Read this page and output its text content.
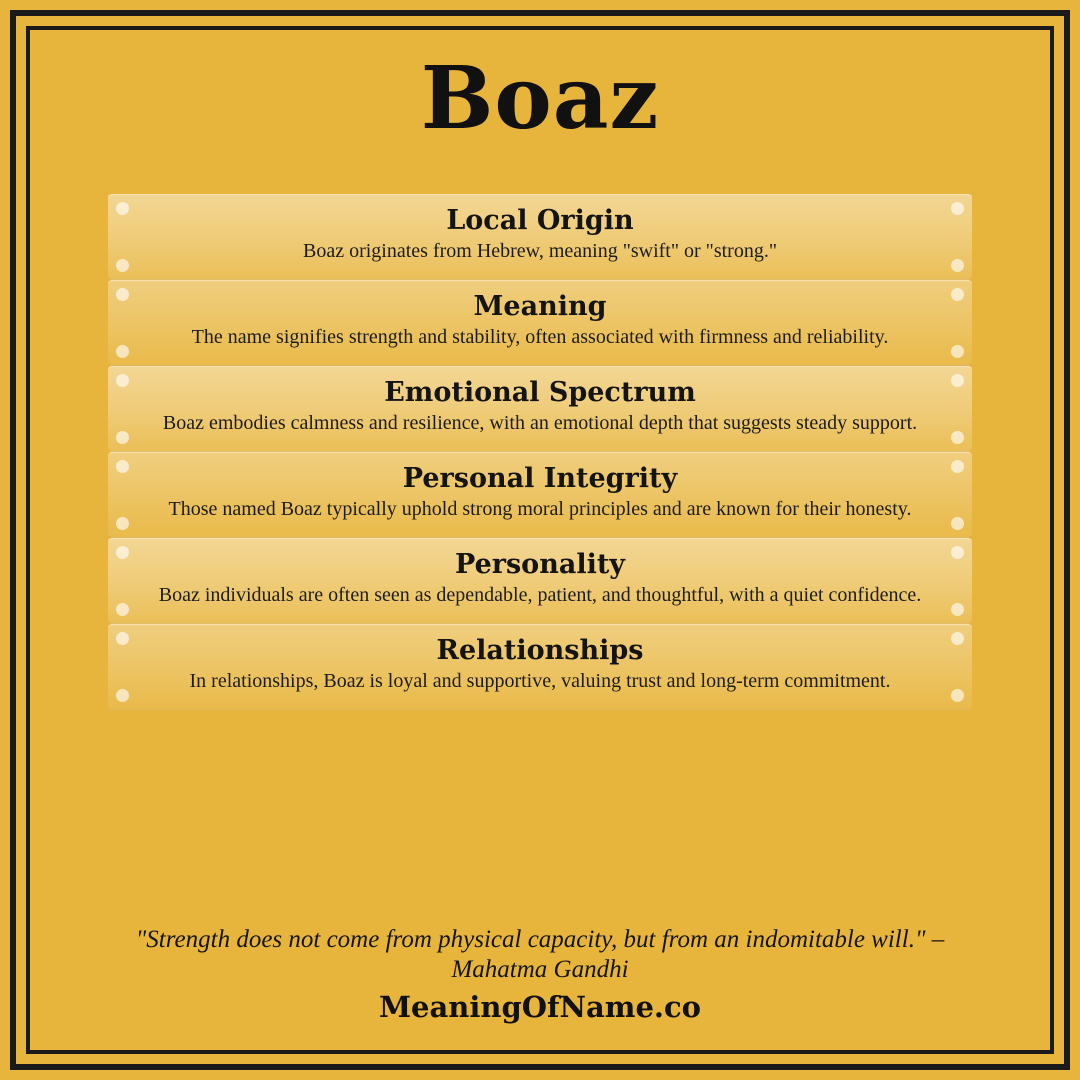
Boaz

Local Origin

Boaz originates from Hebrew, meaning "swift" or "strong."

Meaning

The name signifies strength and stability, often associated with firmness and reliability.

Emotional Spectrum

Boaz embodies calmness and resilience, with an emotional depth that suggests steady support.

Personal Integrity

Those named Boaz typically uphold strong moral principles and are known for their honesty.

Personality

Boaz individuals are often seen as dependable, patient, and thoughtful, with a quiet confidence.

Relationships

In relationships, Boaz is loyal and supportive, valuing trust and long-term commitment.

"Strength does not come from physical capacity, but from an indomitable will." – Mahatma Gandhi

MeaningOfName.co
